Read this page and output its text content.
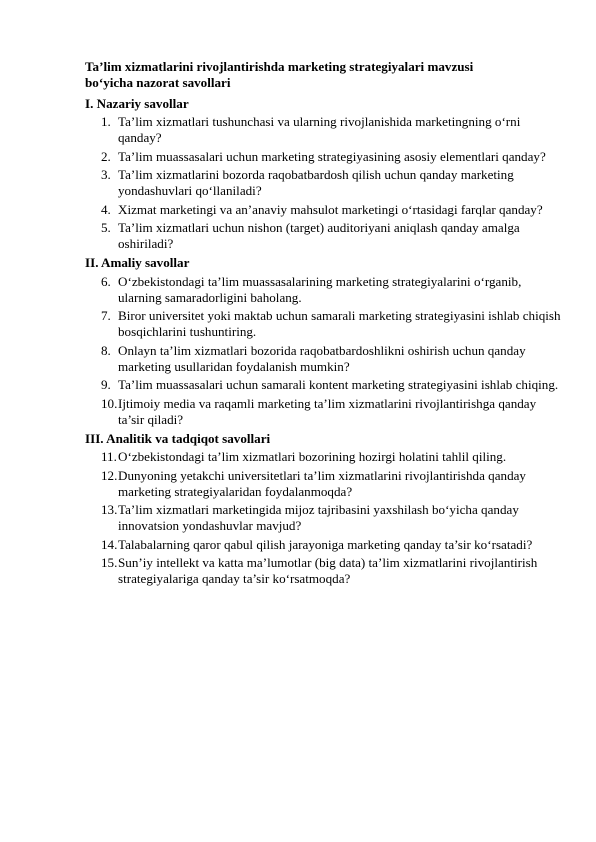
Ta’lim xizmatlarini rivojlantirishda marketing strategiyalari mavzusi bo‘yicha nazorat savollari
I. Nazariy savollar
1. Ta’lim xizmatlari tushunchasi va ularning rivojlanishida marketingning o‘rni qanday?
2. Ta’lim muassasalari uchun marketing strategiyasining asosiy elementlari qanday?
3. Ta’lim xizmatlarini bozorda raqobatbardosh qilish uchun qanday marketing yondashuvlari qo‘llaniladi?
4. Xizmat marketingi va an’anaviy mahsulot marketingi o‘rtasidagi farqlar qanday?
5. Ta’lim xizmatlari uchun nishon (target) auditoriyani aniqlash qanday amalga oshiriladi?
II. Amaliy savollar
6. O‘zbekistondagi ta’lim muassasalarining marketing strategiyalarini o‘rganib, ularning samaradorligini baholang.
7. Biror universitet yoki maktab uchun samarali marketing strategiyasini ishlab chiqish bosqichlarini tushuntiring.
8. Onlayn ta’lim xizmatlari bozorida raqobatbardoshlikni oshirish uchun qanday marketing usullaridan foydalanish mumkin?
9. Ta’lim muassasalari uchun samarali kontent marketing strategiyasini ishlab chiqing.
10. Ijtimoiy media va raqamli marketing ta’lim xizmatlarini rivojlantirishga qanday ta’sir qiladi?
III. Analitik va tadqiqot savollari
11. O‘zbekistondagi ta’lim xizmatlari bozorining hozirgi holatini tahlil qiling.
12. Dunyoning yetakchi universitetlari ta’lim xizmatlarini rivojlantirishda qanday marketing strategiyalaridan foydalanmoqda?
13. Ta’lim xizmatlari marketingida mijoz tajribasini yaxshilash bo‘yicha qanday innovatsion yondashuvlar mavjud?
14. Talabalarning qaror qabul qilish jarayoniga marketing qanday ta’sir ko‘rsatadi?
15. Sun’iy intellekt va katta ma’lumotlar (big data) ta’lim xizmatlarini rivojlantirish strategiyalariga qanday ta’sir ko‘rsatmoqda?
